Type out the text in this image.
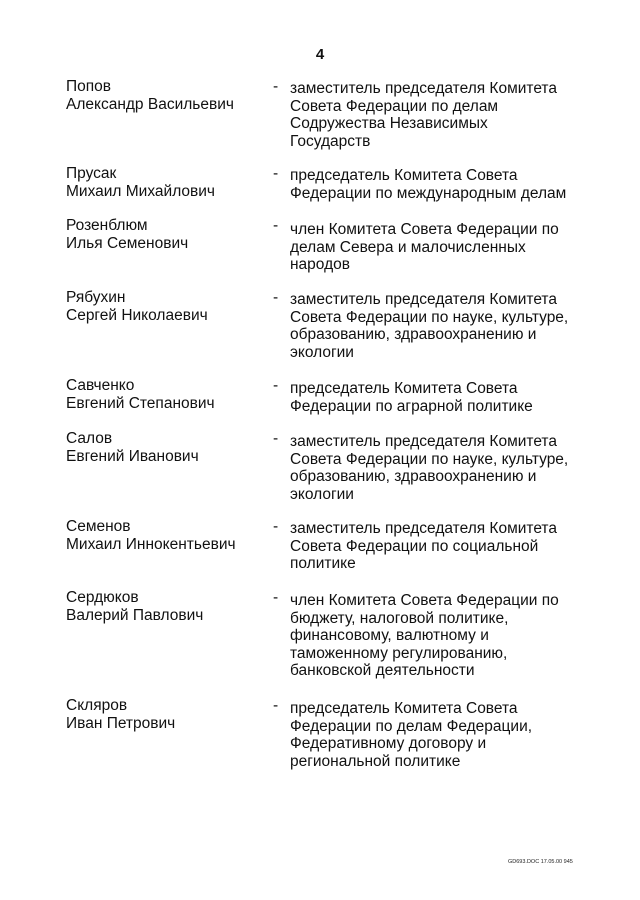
4
Попов
Александр Васильевич
- заместитель председателя Комитета
Совета Федерации по делам
Содружества Независимых
Государств
Прусак
Михаил Михайлович
- председатель Комитета Совета
Федерации по международным делам
Розенблюм
Илья Семенович
- член Комитета Совета Федерации по
делам Севера и малочисленных
народов
Рябухин
Сергей Николаевич
- заместитель председателя Комитета
Совета Федерации по науке, культуре,
образованию, здравоохранению и
экологии
Савченко
Евгений Степанович
- председатель Комитета Совета
Федерации по аграрной политике
Салов
Евгений Иванович
- заместитель председателя Комитета
Совета Федерации по науке, культуре,
образованию, здравоохранению и
экологии
Семенов
Михаил Иннокентьевич
- заместитель председателя Комитета
Совета Федерации по социальной
политике
Сердюков
Валерий Павлович
- член Комитета Совета Федерации по
бюджету, налоговой политике,
финансовому, валютному и
таможенному регулированию,
банковской деятельности
Скляров
Иван Петрович
- председатель Комитета Совета
Федерации по делам Федерации,
Федеративному договору и
региональной политике
GD693.DOC 17.05.00 945
